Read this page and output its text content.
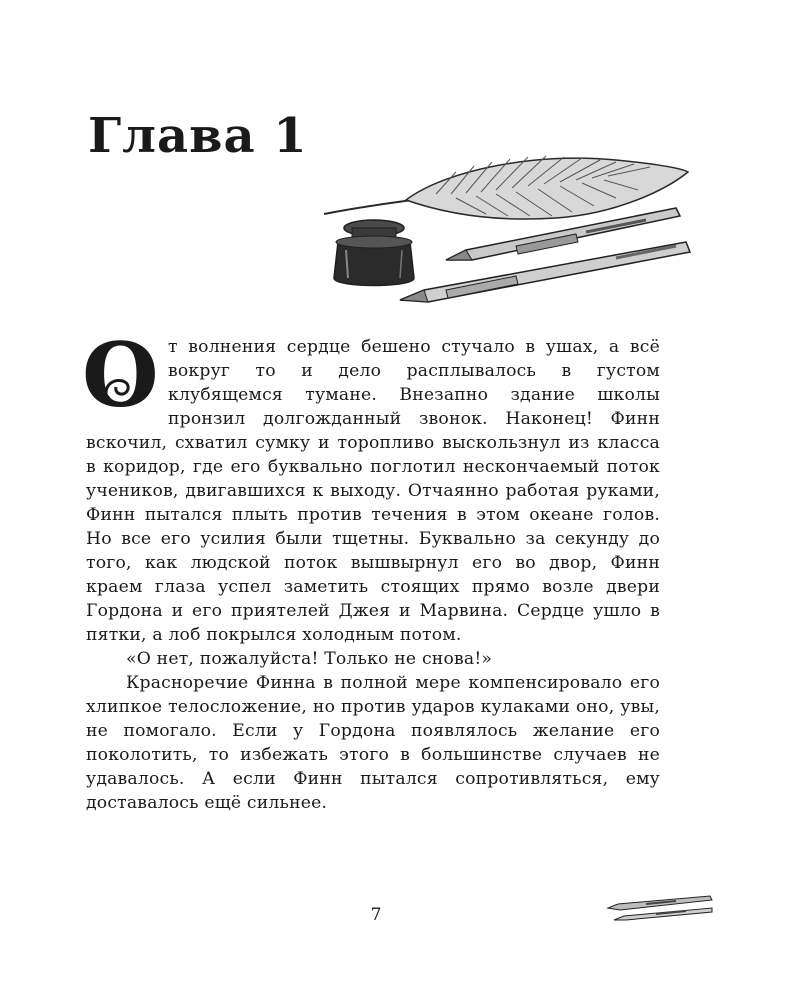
Глава 1
О т волнения сердце бешено стучало в ушах, а всё вокруг то и дело расплывалось в густом клубящемся тумане. Внезапно здание школы пронзил долгожданный звонок. Наконец! Финн вскочил, схватил сумку и торопливо выскользнул из класса в коридор, где его буквально поглотил нескончаемый поток учеников, двигавшихся к выходу. Отчаянно работая руками, Финн пытался плыть против течения в этом океане голов. Но все его усилия были тщетны. Буквально за секунду до того, как людской поток вышвырнул его во двор, Финн краем глаза успел заметить стоящих прямо возле двери Гордона и его приятелей Джея и Марвина. Сердце ушло в пятки, а лоб покрылся холодным потом.

«О нет, пожалуйста! Только не снова!»

Красноречие Финна в полной мере компенсировало его хлипкое телосложение, но против ударов кулаками оно, увы, не помогало. Если у Гордона появлялось желание его поколотить, то избежать этого в большинстве случаев не удавалось. А если Финн пытался сопротивляться, ему доставалось ещё сильнее.

7
